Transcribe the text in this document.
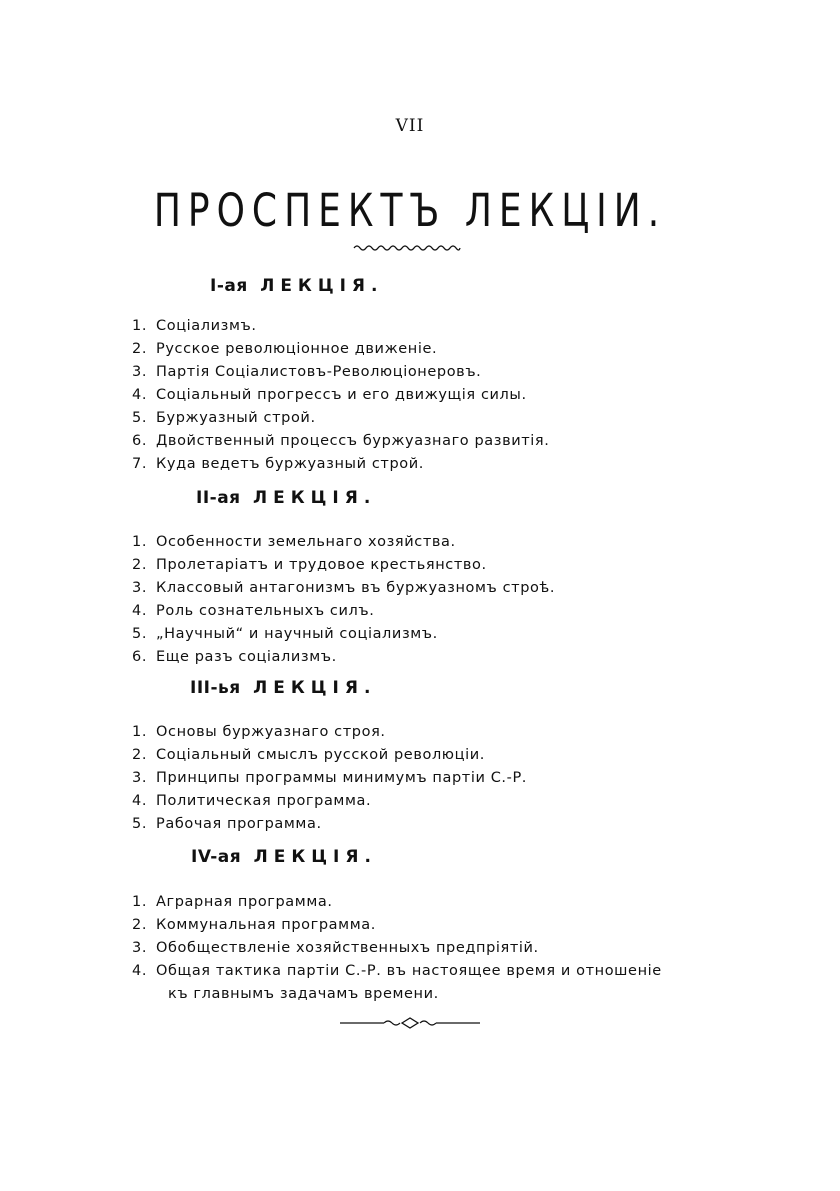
VII
ПРОСПЕКТЪ ЛЕКЦІИ.
І-ая ЛЕКЦІЯ.
1. Соціализмъ.
2. Русское революціонное движеніе.
3. Партія Соціалистовъ-Революціонеровъ.
4. Соціальный прогрессъ и его движущія силы.
5. Буржуазный строй.
6. Двойственный процессъ буржуазнаго развитія.
7. Куда ведетъ буржуазный строй.
ІІ-ая ЛЕКЦІЯ.
1. Особенности земельнаго хозяйства.
2. Пролетаріатъ и трудовое крестьянство.
3. Классовый антагонизмъ въ буржуазномъ строѣ.
4. Роль сознательныхъ силъ.
5. „Научный“ и научный соціализмъ.
6. Еще разъ соціализмъ.
ІІІ-ья ЛЕКЦІЯ.
1. Основы буржуазнаго строя.
2. Соціальный смыслъ русской революціи.
3. Принципы программы минимумъ партіи С.-Р.
4. Политическая программа.
5. Рабочая программа.
ІV-ая ЛЕКЦІЯ.
1. Аграрная программа.
2. Коммунальная программа.
3. Обобществленіе хозяйственныхъ предпріятій.
4. Общая тактика партіи С.-Р. въ настоящее время и отношеніе
къ главнымъ задачамъ времени.
